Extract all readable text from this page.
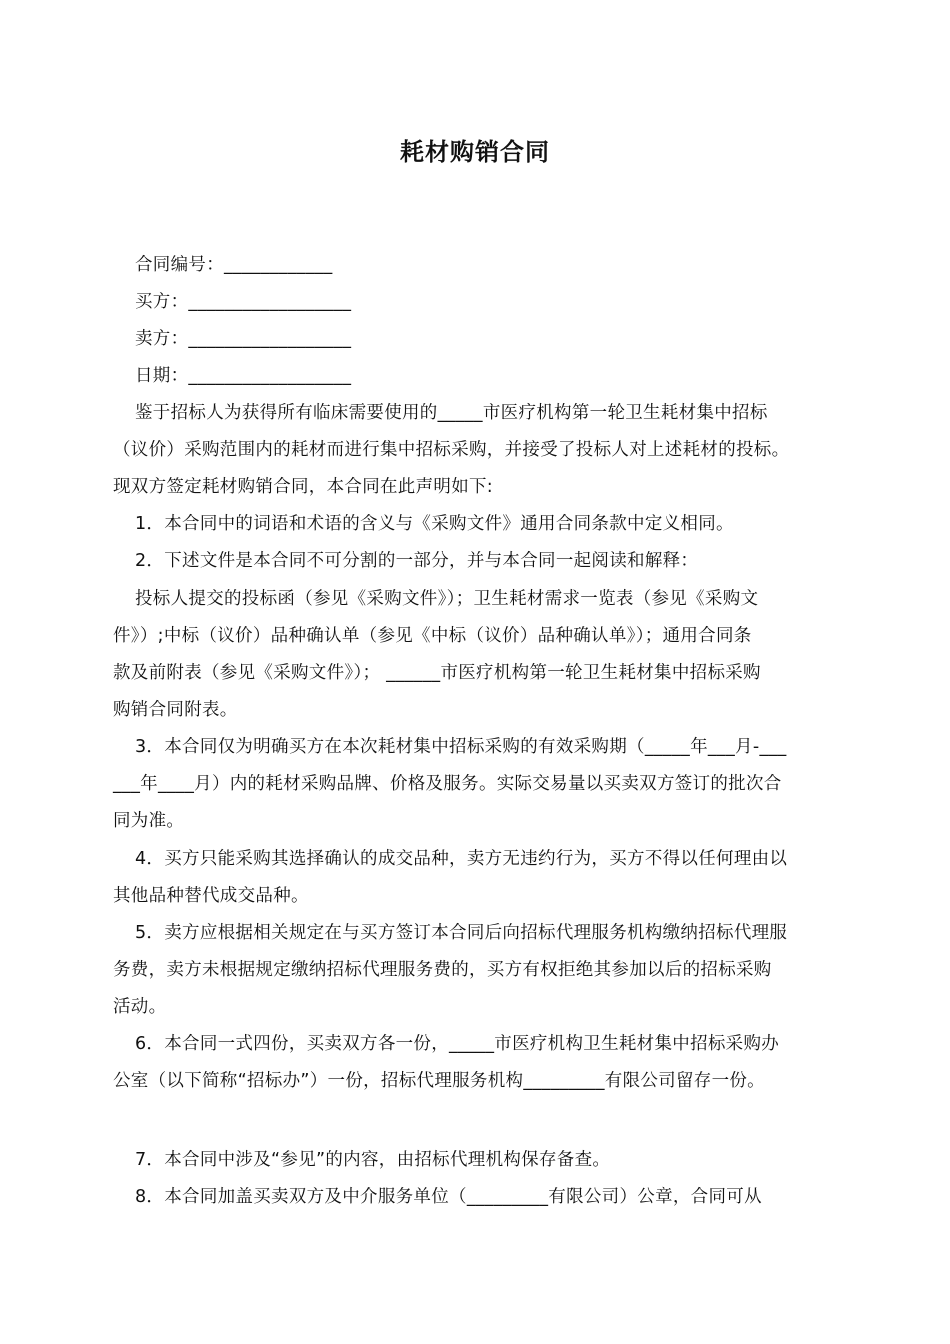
耗材购销合同
合同编号：____________
买方：__________________
卖方：__________________
日期：__________________
鉴于招标人为获得所有临床需要使用的_____市医疗机构第一轮卫生耗材集中招标
（议价）采购范围内的耗材而进行集中招标采购，并接受了投标人对上述耗材的投标。
现双方签定耗材购销合同，本合同在此声明如下:
1．本合同中的词语和术语的含义与《采购文件》通用合同条款中定义相同。
2．下述文件是本合同不可分割的一部分，并与本合同一起阅读和解释：
投标人提交的投标函（参见《采购文件》）；卫生耗材需求一览表（参见《采购文
件》）;中标（议价）品种确认单（参见《中标（议价）品种确认单》）；通用合同条
款及前附表（参见《采购文件》）； ______市医疗机构第一轮卫生耗材集中招标采购
购销合同附表。
3．本合同仅为明确买方在本次耗材集中招标采购的有效采购期（_____年___月-___
___年____月）内的耗材采购品牌、价格及服务。实际交易量以买卖双方签订的批次合
同为准。
4．买方只能采购其选择确认的成交品种，卖方无违约行为，买方不得以任何理由以
其他品种替代成交品种。
5．卖方应根据相关规定在与买方签订本合同后向招标代理服务机构缴纳招标代理服
务费，卖方未根据规定缴纳招标代理服务费的，买方有权拒绝其参加以后的招标采购
活动。
6．本合同一式四份，买卖双方各一份，_____市医疗机构卫生耗材集中招标采购办
公室（以下简称“招标办”）一份，招标代理服务机构_________有限公司留存一份。
7．本合同中涉及“参见”的内容，由招标代理机构保存备查。
8．本合同加盖买卖双方及中介服务单位（_________有限公司）公章，合同可从
